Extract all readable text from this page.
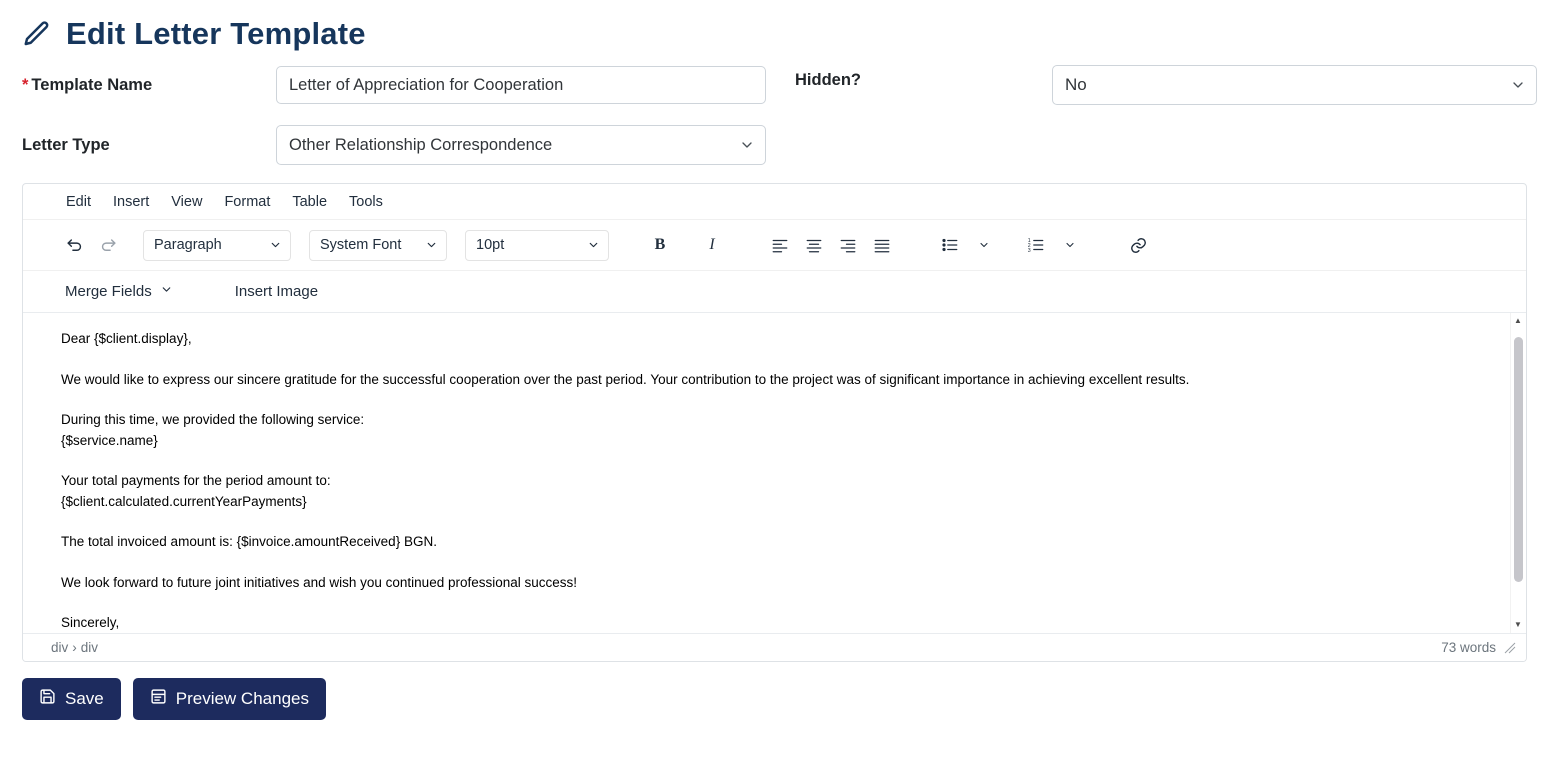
Edit Letter Template
* Template Name
Letter of Appreciation for Cooperation	Hidden?	No
Letter Type	Other Relationship Correspondence
Edit	Insert	View	Format	Table	Tools
Paragraph	System Font	10pt	B	I	1
2
3
Merge Fields	Insert Image

Dear {$client.display},

We would like to express our sincere gratitude for the successful cooperation over the past period. Your contribution to the project was of significant importance in achieving excellent results.

During this time, we provided the following service:

{$service.name}

Your total payments for the period amount to:

{$client.calculated.currentYearPayments}

The total invoiced amount is: {$invoice.amountReceived} BGN.

We look forward to future joint initiatives and wish you continued professional success!

Sincerely,

▲
▼
div › div	73 words
Save	Preview Changes
